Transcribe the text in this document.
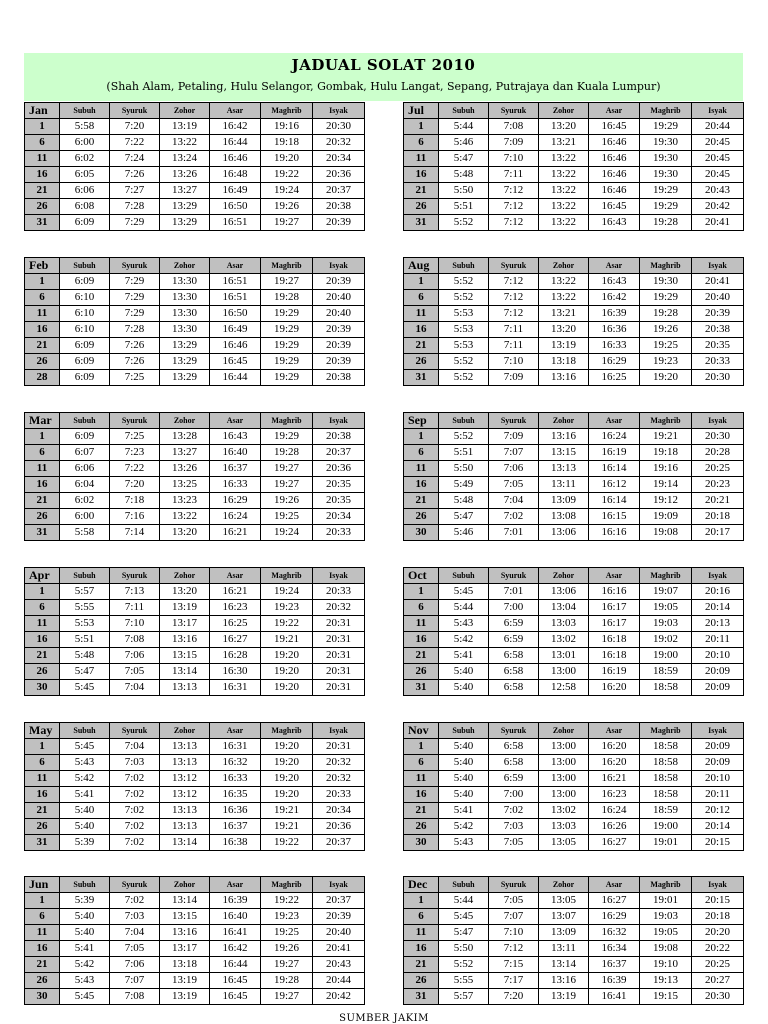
JADUAL SOLAT 2010
(Shah Alam, Petaling, Hulu Selangor, Gombak, Hulu Langat, Sepang, Putrajaya dan Kuala Lumpur)
Jan	Subuh	Syuruk	Zohor	Asar	Maghrib	Isyak
1	5:58	7:20	13:19	16:42	19:16	20:30
6	6:00	7:22	13:22	16:44	19:18	20:32
11	6:02	7:24	13:24	16:46	19:20	20:34
16	6:05	7:26	13:26	16:48	19:22	20:36
21	6:06	7:27	13:27	16:49	19:24	20:37
26	6:08	7:28	13:29	16:50	19:26	20:38
31	6:09	7:29	13:29	16:51	19:27	20:39
Jul	Subuh	Syuruk	Zohor	Asar	Maghrib	Isyak
1	5:44	7:08	13:20	16:45	19:29	20:44
6	5:46	7:09	13:21	16:46	19:30	20:45
11	5:47	7:10	13:22	16:46	19:30	20:45
16	5:48	7:11	13:22	16:46	19:30	20:45
21	5:50	7:12	13:22	16:46	19:29	20:43
26	5:51	7:12	13:22	16:45	19:29	20:42
31	5:52	7:12	13:22	16:43	19:28	20:41
Feb	Subuh	Syuruk	Zohor	Asar	Maghrib	Isyak
1	6:09	7:29	13:30	16:51	19:27	20:39
6	6:10	7:29	13:30	16:51	19:28	20:40
11	6:10	7:29	13:30	16:50	19:29	20:40
16	6:10	7:28	13:30	16:49	19:29	20:39
21	6:09	7:26	13:29	16:46	19:29	20:39
26	6:09	7:26	13:29	16:45	19:29	20:39
28	6:09	7:25	13:29	16:44	19:29	20:38
Aug	Subuh	Syuruk	Zohor	Asar	Maghrib	Isyak
1	5:52	7:12	13:22	16:43	19:30	20:41
6	5:52	7:12	13:22	16:42	19:29	20:40
11	5:53	7:12	13:21	16:39	19:28	20:39
16	5:53	7:11	13:20	16:36	19:26	20:38
21	5:53	7:11	13:19	16:33	19:25	20:35
26	5:52	7:10	13:18	16:29	19:23	20:33
31	5:52	7:09	13:16	16:25	19:20	20:30
Mar	Subuh	Syuruk	Zohor	Asar	Maghrib	Isyak
1	6:09	7:25	13:28	16:43	19:29	20:38
6	6:07	7:23	13:27	16:40	19:28	20:37
11	6:06	7:22	13:26	16:37	19:27	20:36
16	6:04	7:20	13:25	16:33	19:27	20:35
21	6:02	7:18	13:23	16:29	19:26	20:35
26	6:00	7:16	13:22	16:24	19:25	20:34
31	5:58	7:14	13:20	16:21	19:24	20:33
Sep	Subuh	Syuruk	Zohor	Asar	Maghrib	Isyak
1	5:52	7:09	13:16	16:24	19:21	20:30
6	5:51	7:07	13:15	16:19	19:18	20:28
11	5:50	7:06	13:13	16:14	19:16	20:25
16	5:49	7:05	13:11	16:12	19:14	20:23
21	5:48	7:04	13:09	16:14	19:12	20:21
26	5:47	7:02	13:08	16:15	19:09	20:18
30	5:46	7:01	13:06	16:16	19:08	20:17
Apr	Subuh	Syuruk	Zohor	Asar	Maghrib	Isyak
1	5:57	7:13	13:20	16:21	19:24	20:33
6	5:55	7:11	13:19	16:23	19:23	20:32
11	5:53	7:10	13:17	16:25	19:22	20:31
16	5:51	7:08	13:16	16:27	19:21	20:31
21	5:48	7:06	13:15	16:28	19:20	20:31
26	5:47	7:05	13:14	16:30	19:20	20:31
30	5:45	7:04	13:13	16:31	19:20	20:31
Oct	Subuh	Syuruk	Zohor	Asar	Maghrib	Isyak
1	5:45	7:01	13:06	16:16	19:07	20:16
6	5:44	7:00	13:04	16:17	19:05	20:14
11	5:43	6:59	13:03	16:17	19:03	20:13
16	5:42	6:59	13:02	16:18	19:02	20:11
21	5:41	6:58	13:01	16:18	19:00	20:10
26	5:40	6:58	13:00	16:19	18:59	20:09
31	5:40	6:58	12:58	16:20	18:58	20:09
May	Subuh	Syuruk	Zohor	Asar	Maghrib	Isyak
1	5:45	7:04	13:13	16:31	19:20	20:31
6	5:43	7:03	13:13	16:32	19:20	20:32
11	5:42	7:02	13:12	16:33	19:20	20:32
16	5:41	7:02	13:12	16:35	19:20	20:33
21	5:40	7:02	13:13	16:36	19:21	20:34
26	5:40	7:02	13:13	16:37	19:21	20:36
31	5:39	7:02	13:14	16:38	19:22	20:37
Nov	Subuh	Syuruk	Zohor	Asar	Maghrib	Isyak
1	5:40	6:58	13:00	16:20	18:58	20:09
6	5:40	6:58	13:00	16:20	18:58	20:09
11	5:40	6:59	13:00	16:21	18:58	20:10
16	5:40	7:00	13:00	16:23	18:58	20:11
21	5:41	7:02	13:02	16:24	18:59	20:12
26	5:42	7:03	13:03	16:26	19:00	20:14
30	5:43	7:05	13:05	16:27	19:01	20:15
Jun	Subuh	Syuruk	Zohor	Asar	Maghrib	Isyak
1	5:39	7:02	13:14	16:39	19:22	20:37
6	5:40	7:03	13:15	16:40	19:23	20:39
11	5:40	7:04	13:16	16:41	19:25	20:40
16	5:41	7:05	13:17	16:42	19:26	20:41
21	5:42	7:06	13:18	16:44	19:27	20:43
26	5:43	7:07	13:19	16:45	19:28	20:44
30	5:45	7:08	13:19	16:45	19:27	20:42
Dec	Subuh	Syuruk	Zohor	Asar	Maghrib	Isyak
1	5:44	7:05	13:05	16:27	19:01	20:15
6	5:45	7:07	13:07	16:29	19:03	20:18
11	5:47	7:10	13:09	16:32	19:05	20:20
16	5:50	7:12	13:11	16:34	19:08	20:22
21	5:52	7:15	13:14	16:37	19:10	20:25
26	5:55	7:17	13:16	16:39	19:13	20:27
31	5:57	7:20	13:19	16:41	19:15	20:30
SUMBER JAKIM
